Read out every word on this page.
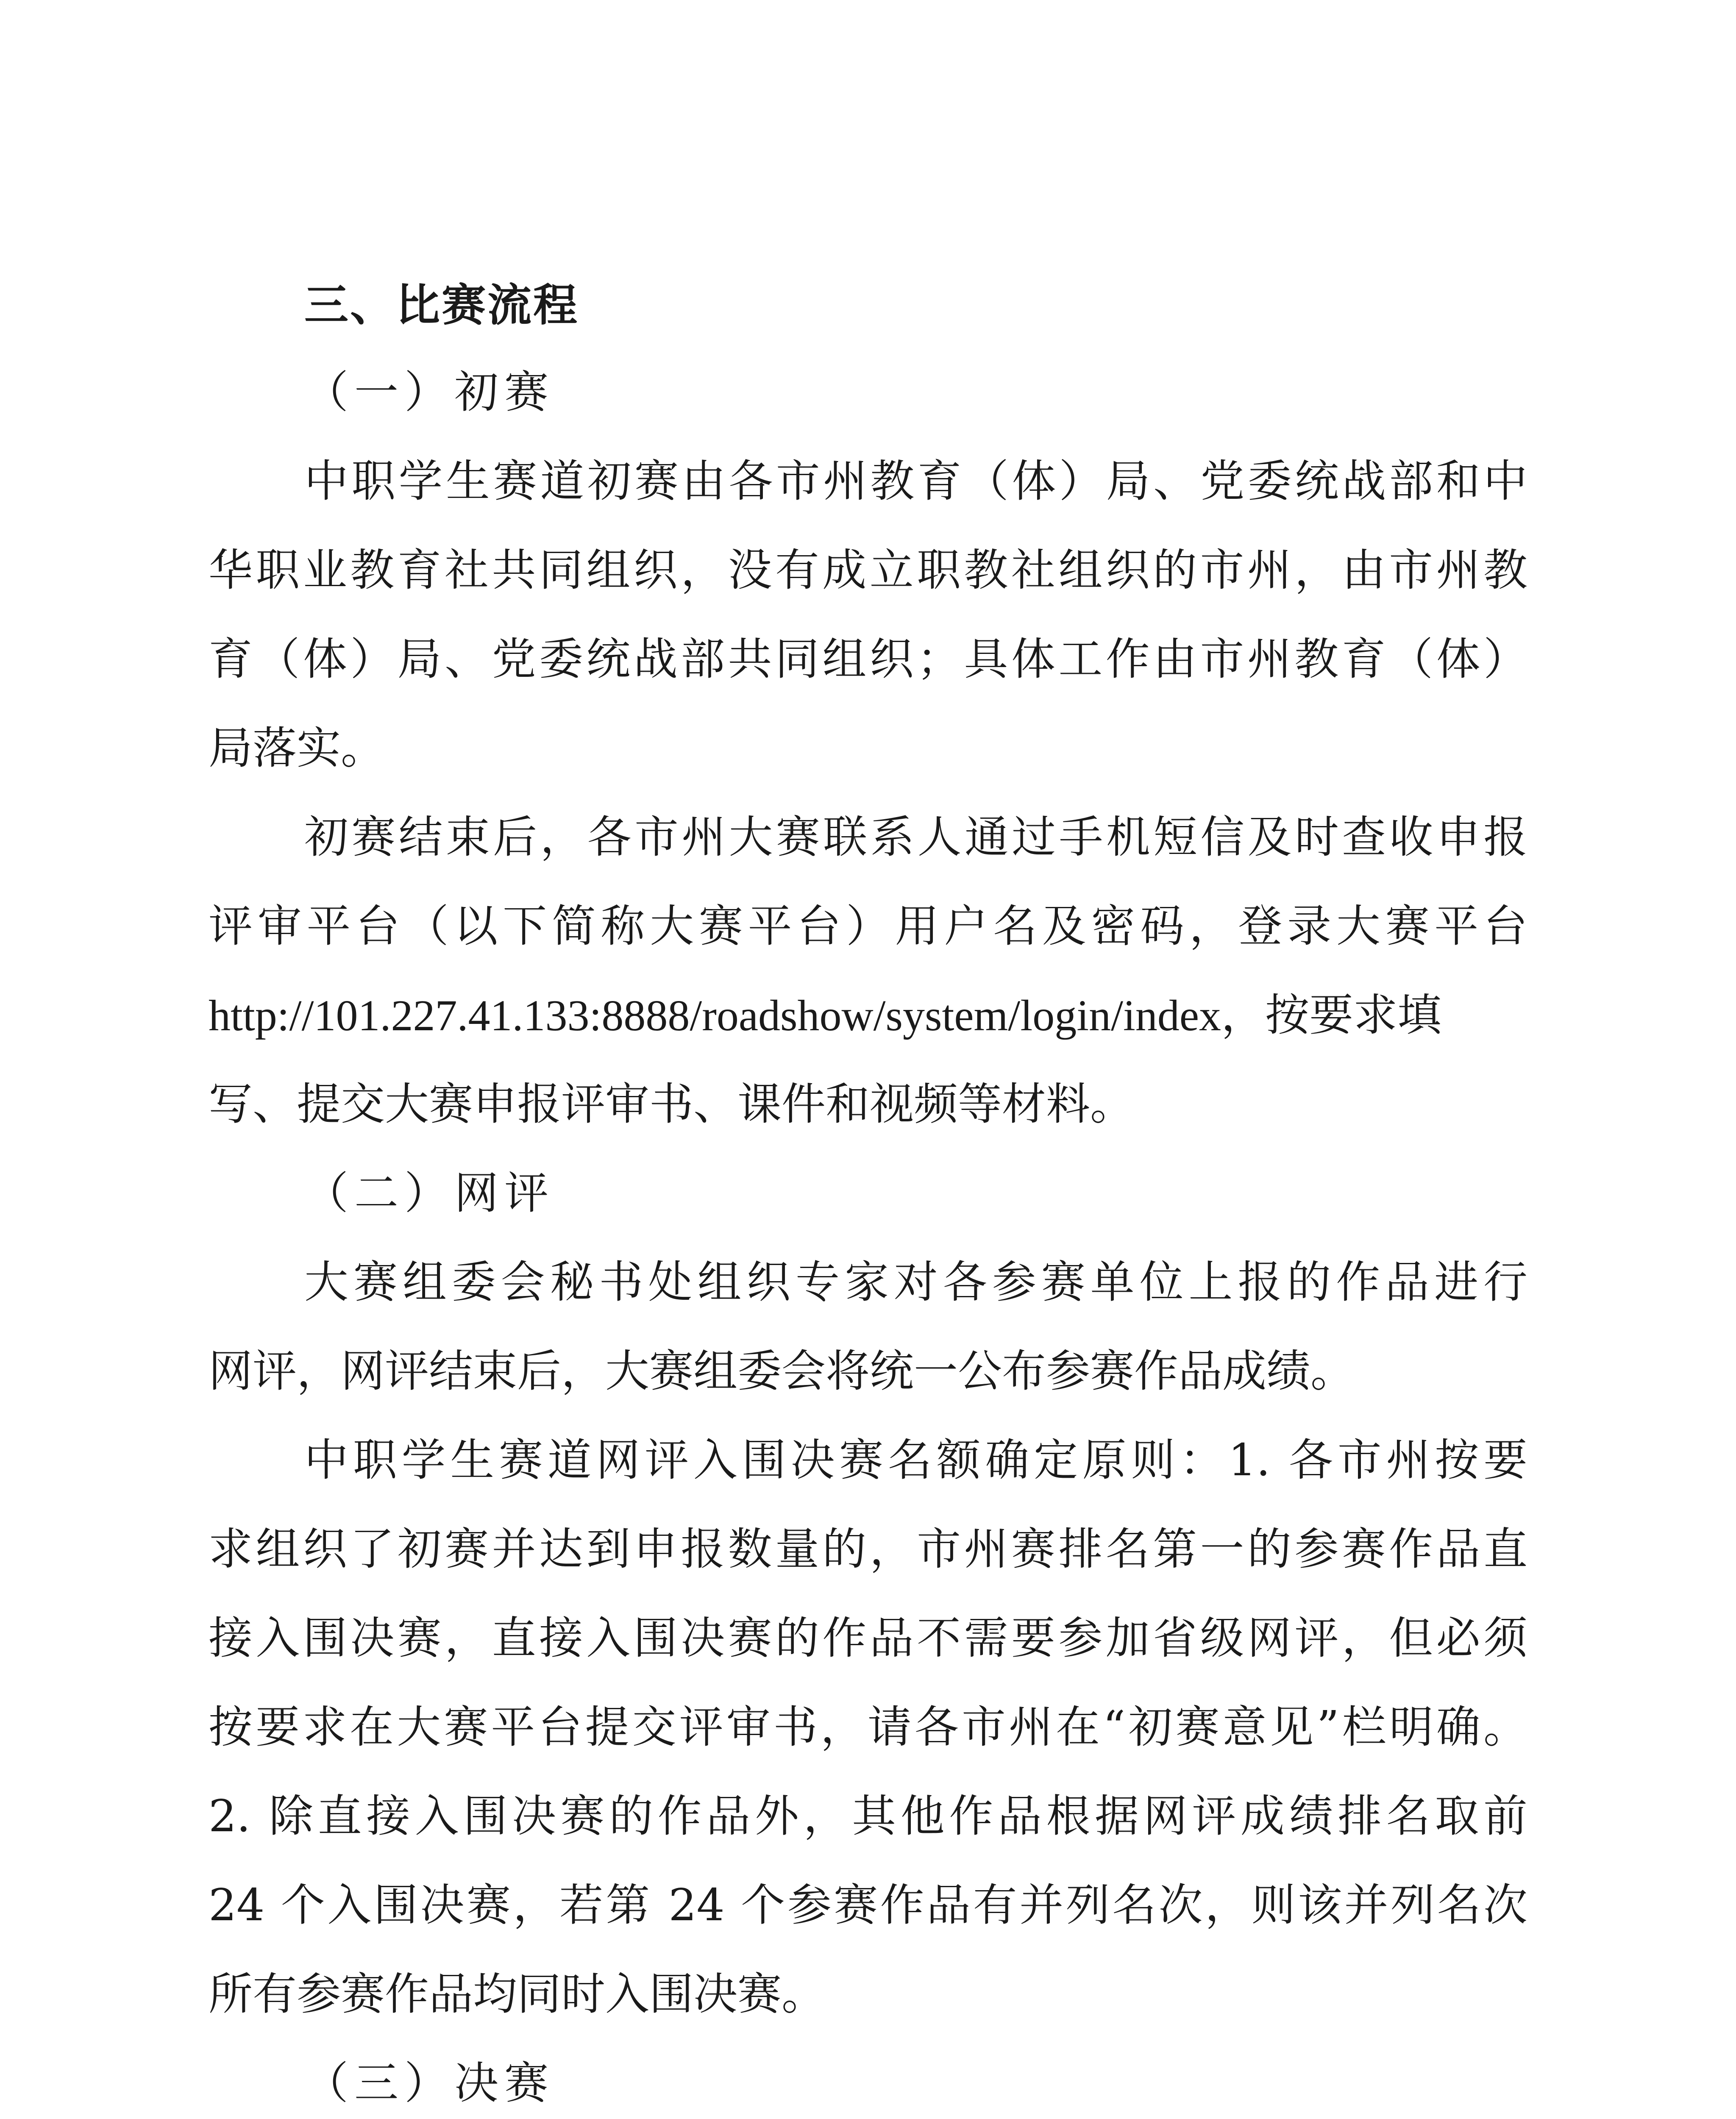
三、比赛流程
（一）初赛
中职学生赛道初赛由各市州教育（体）局、党委统战部和中
华职业教育社共同组织，没有成立职教社组织的市州，由市州教
育（体）局、党委统战部共同组织；具体工作由市州教育（体）
局落实。
初赛结束后，各市州大赛联系人通过手机短信及时查收申报
评审平台（以下简称大赛平台）用户名及密码，登录大赛平台
http://101.227.41.133:8888/roadshow/system/login/index，按要求填
写、提交大赛申报评审书、课件和视频等材料。
（二）网评
大赛组委会秘书处组织专家对各参赛单位上报的作品进行
网评，网评结束后，大赛组委会将统一公布参赛作品成绩。
中职学生赛道网评入围决赛名额确定原则：1. 各市州按要
求组织了初赛并达到申报数量的，市州赛排名第一的参赛作品直
接入围决赛，直接入围决赛的作品不需要参加省级网评，但必须
按要求在大赛平台提交评审书，请各市州在“初赛意见”栏明确。
2. 除直接入围决赛的作品外，其他作品根据网评成绩排名取前
24 个入围决赛，若第 24 个参赛作品有并列名次，则该并列名次
所有参赛作品均同时入围决赛。
（三）决赛
